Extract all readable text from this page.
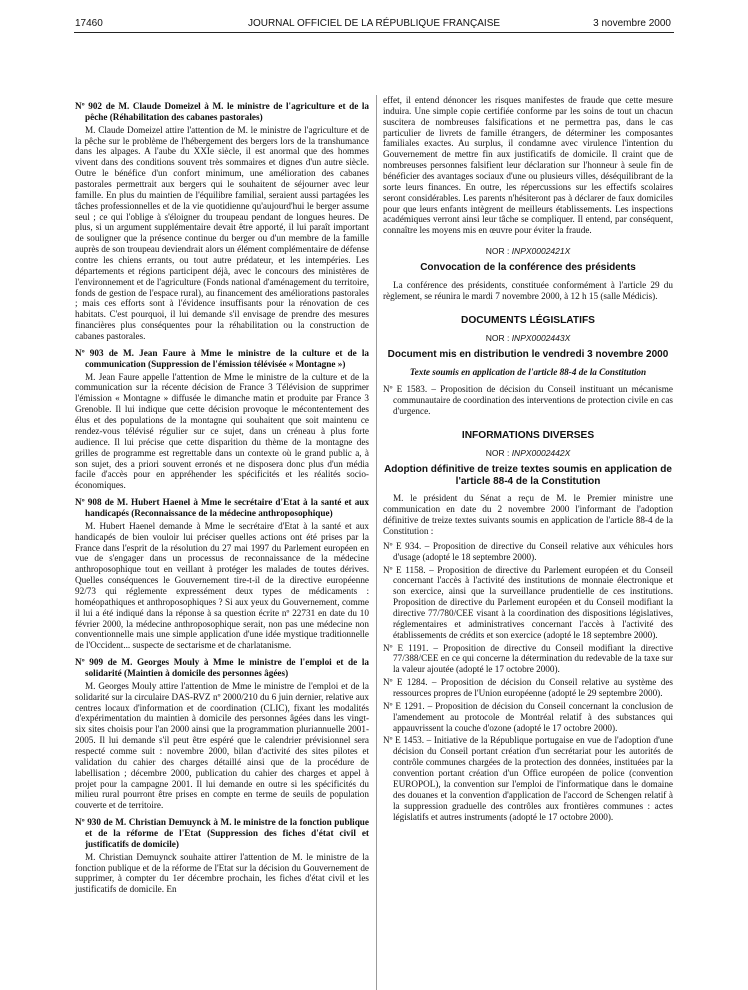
17460	JOURNAL OFFICIEL DE LA RÉPUBLIQUE FRANÇAISE	3 novembre 2000

Nº 902 de M. Claude Domeizel à M. le ministre de l'agriculture et de la pêche (Réhabilitation des cabanes pastorales)

M. Claude Domeizel attire l'attention de M. le ministre de l'agriculture et de la pêche sur le problème de l'hébergement des bergers lors de la transhumance dans les alpages. A l'aube du XXIe siècle, il est anormal que des hommes vivent dans des conditions souvent très sommaires et dignes d'un autre siècle. Outre le bénéfice d'un confort minimum, une amélioration des cabanes pastorales permettrait aux bergers qui le souhaitent de séjourner avec leur famille. En plus du maintien de l'équilibre familial, seraient aussi partagées les tâches professionnelles et de la vie quotidienne qu'aujourd'hui le berger assume seul ; ce qui l'oblige à s'éloigner du troupeau pendant de longues heures. De plus, si un argument supplémentaire devait être apporté, il lui paraît important de souligner que la présence continue du berger ou d'un membre de la famille auprès de son troupeau deviendrait alors un élément complémentaire de défense contre les chiens errants, ou tout autre prédateur, et les intempéries. Les départements et régions participent déjà, avec le concours des ministères de l'environnement et de l'agriculture (Fonds national d'aménagement du territoire, fonds de gestion de l'espace rural), au financement des améliorations pastorales ; mais ces efforts sont à l'évidence insuffisants pour la rénovation de ces habitats. C'est pourquoi, il lui demande s'il envisage de prendre des mesures financières plus conséquentes pour la réhabilitation ou la construction de cabanes pastorales.

Nº 903 de M. Jean Faure à Mme le ministre de la culture et de la communication (Suppression de l'émission télévisée « Montagne »)

M. Jean Faure appelle l'attention de Mme le ministre de la culture et de la communication sur la récente décision de France 3 Télévision de supprimer l'émission « Montagne » diffusée le dimanche matin et produite par France 3 Grenoble. Il lui indique que cette décision provoque le mécontentement des élus et des populations de la montagne qui souhaitent que soit maintenu ce rendez-vous télévisé régulier sur ce sujet, dans un créneau à plus forte audience. Il lui précise que cette disparition du thème de la montagne des grilles de programme est regrettable dans un contexte où le grand public a, à son sujet, des a priori souvent erronés et ne disposera donc plus d'un média facile d'accès pour en appréhender les spécificités et les réalités socio-économiques.

Nº 908 de M. Hubert Haenel à Mme le secrétaire d'Etat à la santé et aux handicapés (Reconnaissance de la médecine anthroposophique)

M. Hubert Haenel demande à Mme le secrétaire d'Etat à la santé et aux handicapés de bien vouloir lui préciser quelles actions ont été prises par la France dans l'esprit de la résolution du 27 mai 1997 du Parlement européen en vue de s'engager dans un processus de reconnaissance de la médecine anthroposophique tout en veillant à protéger les malades de toutes dérives. Quelles conséquences le Gouvernement tire-t-il de la directive européenne 92/73 qui réglemente expressément deux types de médicaments : homéopathiques et anthroposophiques ? Si aux yeux du Gouvernement, comme il lui a été indiqué dans la réponse à sa question écrite nº 22731 en date du 10 février 2000, la médecine anthroposophique serait, non pas une médecine non conventionnelle mais une simple application d'une idée mystique traditionnelle de l'Occident... suspecte de sectarisme et de charlatanisme.

Nº 909 de M. Georges Mouly à Mme le ministre de l'emploi et de la solidarité (Maintien à domicile des personnes âgées)

M. Georges Mouly attire l'attention de Mme le ministre de l'emploi et de la solidarité sur la circulaire DAS-RVZ nº 2000/210 du 6 juin dernier, relative aux centres locaux d'information et de coordination (CLIC), fixant les modalités d'expérimentation du maintien à domicile des personnes âgées dans les vingt-six sites choisis pour l'an 2000 ainsi que la programmation pluriannuelle 2001-2005. Il lui demande s'il peut être espéré que le calendrier prévisionnel sera respecté comme suit : novembre 2000, bilan d'activité des sites pilotes et validation du cahier des charges détaillé ainsi que de la procédure de labellisation ; décembre 2000, publication du cahier des charges et appel à projet pour la campagne 2001. Il lui demande en outre si les spécificités du milieu rural pourront être prises en compte en terme de seuils de population couverte et de territoire.

Nº 930 de M. Christian Demuynck à M. le ministre de la fonction publique et de la réforme de l'Etat (Suppression des fiches d'état civil et justificatifs de domicile)

M. Christian Demuynck souhaite attirer l'attention de M. le ministre de la fonction publique et de la réforme de l'Etat sur la décision du Gouvernement de supprimer, à compter du 1er décembre prochain, les fiches d'état civil et les justificatifs de domicile. En

effet, il entend dénoncer les risques manifestes de fraude que cette mesure induira. Une simple copie certifiée conforme par les soins de tout un chacun suscitera de nombreuses falsifications et ne permettra pas, dans le cas particulier de livrets de famille étrangers, de déterminer les composantes familiales exactes. Au surplus, il condamne avec virulence l'intention du Gouvernement de mettre fin aux justificatifs de domicile. Il craint que de nombreuses personnes falsifient leur déclaration sur l'honneur à seule fin de bénéficier des avantages sociaux d'une ou plusieurs villes, déséquilibrant de la sorte leurs finances. En outre, les répercussions sur les effectifs scolaires seront considérables. Les parents n'hésiteront pas à déclarer de faux domiciles pour que leurs enfants intègrent de meilleurs établissements. Les inspections académiques verront ainsi leur tâche se compliquer. Il entend, par conséquent, connaître les moyens mis en œuvre pour éviter la fraude.

NOR : INPX0002421X

Convocation de la conférence des présidents

La conférence des présidents, constituée conformément à l'article 29 du règlement, se réunira le mardi 7 novembre 2000, à 12 h 15 (salle Médicis).

DOCUMENTS LÉGISLATIFS

NOR : INPX0002443X

Document mis en distribution le vendredi 3 novembre 2000

Texte soumis en application de l'article 88-4 de la Constitution

Nº E 1583. – Proposition de décision du Conseil instituant un mécanisme communautaire de coordination des interventions de protection civile en cas d'urgence.

INFORMATIONS DIVERSES

NOR : INPX0002442X

Adoption définitive de treize textes soumis en application de l'article 88-4 de la Constitution

M. le président du Sénat a reçu de M. le Premier ministre une communication en date du 2 novembre 2000 l'informant de l'adoption définitive de treize textes suivants soumis en application de l'article 88-4 de la Constitution :

Nº E 934. – Proposition de directive du Conseil relative aux véhicules hors d'usage (adopté le 18 septembre 2000).

Nº E 1158. – Proposition de directive du Parlement européen et du Conseil concernant l'accès à l'activité des institutions de monnaie électronique et son exercice, ainsi que la surveillance prudentielle de ces institutions. Proposition de directive du Parlement européen et du Conseil modifiant la directive 77/780/CEE visant à la coordination des dispositions législatives, réglementaires et administratives concernant l'accès à l'activité des établissements de crédits et son exercice (adopté le 18 septembre 2000).

Nº E 1191. – Proposition de directive du Conseil modifiant la directive 77/388/CEE en ce qui concerne la détermination du redevable de la taxe sur la valeur ajoutée (adopté le 17 octobre 2000).

Nº E 1284. – Proposition de décision du Conseil relative au système des ressources propres de l'Union européenne (adopté le 29 septembre 2000).

Nº E 1291. – Proposition de décision du Conseil concernant la conclusion de l'amendement au protocole de Montréal relatif à des substances qui appauvrissent la couche d'ozone (adopté le 17 octobre 2000).

Nº E 1453. – Initiative de la République portugaise en vue de l'adoption d'une décision du Conseil portant création d'un secrétariat pour les autorités de contrôle communes chargées de la protection des données, instituées par la convention portant création d'un Office européen de police (convention EUROPOL), la convention sur l'emploi de l'informatique dans le domaine des douanes et la convention d'application de l'accord de Schengen relatif à la suppression graduelle des contrôles aux frontières communes : actes législatifs et autres instruments (adopté le 17 octobre 2000).
